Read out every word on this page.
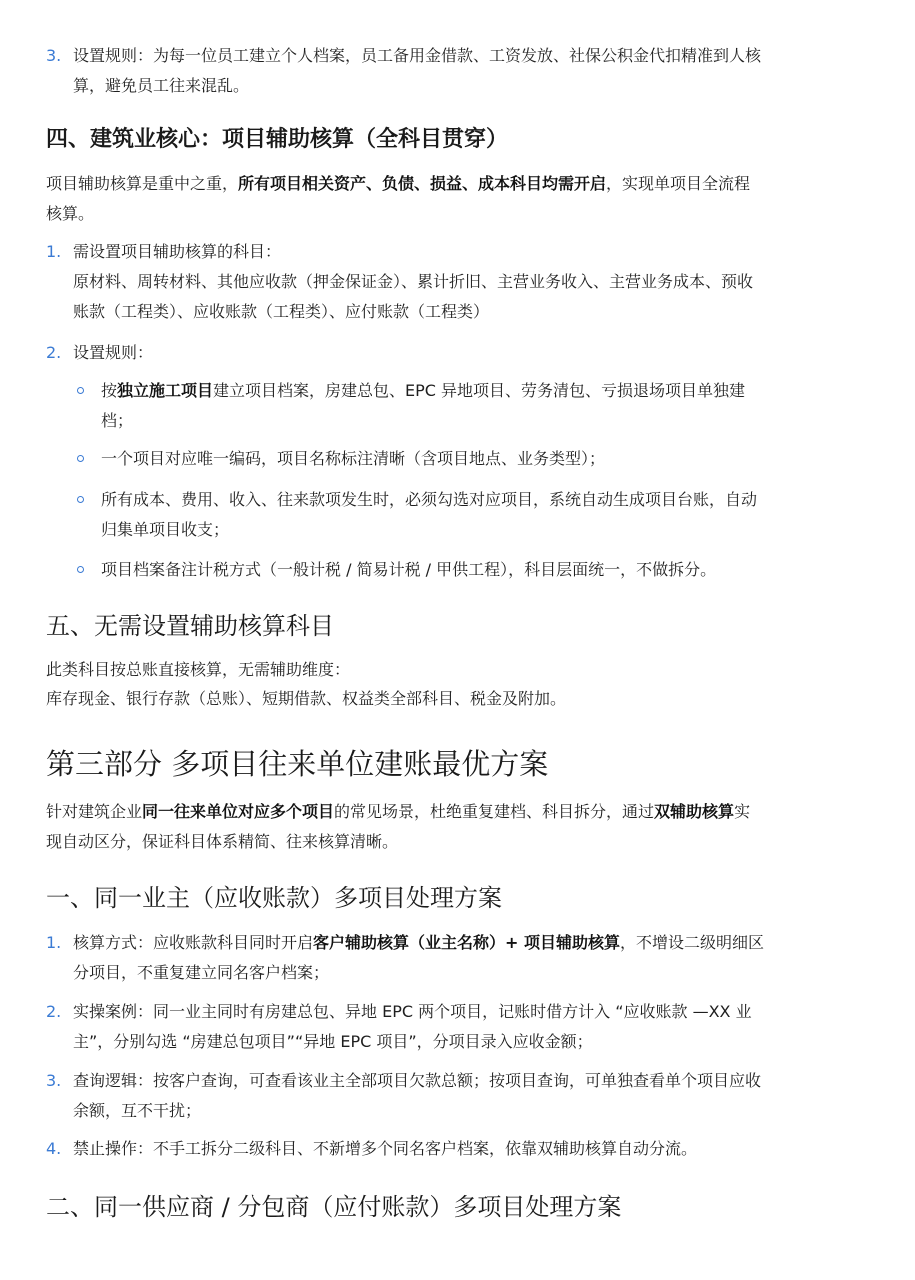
3. 设置规则：为每一位员工建立个人档案，员工备用金借款、工资发放、社保公积金代扣精准到人核

算，避免员工往来混乱。

四、建筑业核心：项目辅助核算（全科目贯穿）

项目辅助核算是重中之重，所有项目相关资产、负债、损益、成本科目均需开启，实现单项目全流程

核算。

1. 需设置项目辅助核算的科目：

原材料、周转材料、其他应收款（押金保证金）、累计折旧、主营业务收入、主营业务成本、预收

账款（工程类）、应收账款（工程类）、应付账款（工程类）

2. 设置规则：

按独立施工项目建立项目档案，房建总包、EPC 异地项目、劳务清包、亏损退场项目单独建

档；

一个项目对应唯一编码，项目名称标注清晰（含项目地点、业务类型）；

所有成本、费用、收入、往来款项发生时，必须勾选对应项目，系统自动生成项目台账，自动

归集单项目收支；

项目档案备注计税方式（一般计税 / 简易计税 / 甲供工程），科目层面统一，不做拆分。

五、无需设置辅助核算科目

此类科目按总账直接核算，无需辅助维度：

库存现金、银行存款（总账）、短期借款、权益类全部科目、税金及附加。

第三部分 多项目往来单位建账最优方案

针对建筑企业同一往来单位对应多个项目的常见场景，杜绝重复建档、科目拆分，通过双辅助核算实

现自动区分，保证科目体系精简、往来核算清晰。

一、同一业主（应收账款）多项目处理方案
1. 核算方式：应收账款科目同时开启客户辅助核算（业主名称）+ 项目辅助核算，不增设二级明细区

分项目，不重复建立同名客户档案；

2. 实操案例：同一业主同时有房建总包、异地 EPC 两个项目，记账时借方计入 “应收账款 —XX 业

主”，分别勾选 “房建总包项目”“异地 EPC 项目”，分项目录入应收金额；

3. 查询逻辑：按客户查询，可查看该业主全部项目欠款总额；按项目查询，可单独查看单个项目应收

余额，互不干扰；

4. 禁止操作：不手工拆分二级科目、不新增多个同名客户档案，依靠双辅助核算自动分流。

二、同一供应商 / 分包商（应付账款）多项目处理方案
